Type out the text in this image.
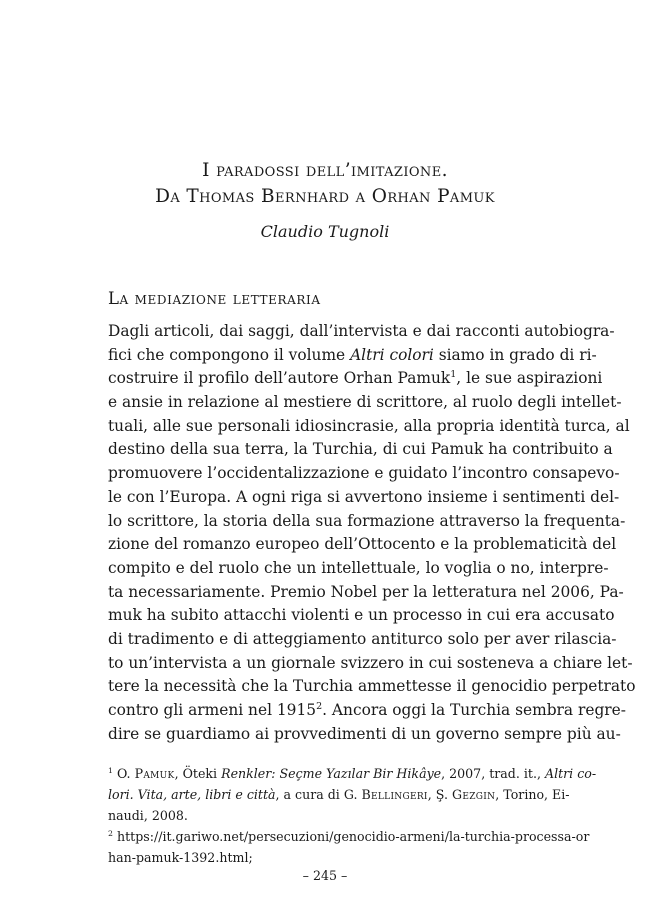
I paradossi dell’imitazione.
Da Thomas Bernhard a Orhan Pamuk
Claudio Tugnoli
La mediazione letteraria
Dagli articoli, dai saggi, dall’intervista e dai racconti autobiogra-
fici che compongono il volume Altri colori siamo in grado di ri-
costruire il profilo dell’autore Orhan Pamuk$^1$, le sue aspirazioni
e ansie in relazione al mestiere di scrittore, al ruolo degli intellet-
tuali, alle sue personali idiosincrasie, alla propria identità turca, al
destino della sua terra, la Turchia, di cui Pamuk ha contribuito a
promuovere l’occidentalizzazione e guidato l’incontro consapevo-
le con l’Europa. A ogni riga si avvertono insieme i sentimenti del-
lo scrittore, la storia della sua formazione attraverso la frequenta-
zione del romanzo europeo dell’Ottocento e la problematicità del
compito e del ruolo che un intellettuale, lo voglia o no, interpre-
ta necessariamente. Premio Nobel per la letteratura nel 2006, Pa-
muk ha subito attacchi violenti e un processo in cui era accusato
di tradimento e di atteggiamento antiturco solo per aver rilascia-
to un’intervista a un giornale svizzero in cui sosteneva a chiare let-
tere la necessità che la Turchia ammettesse il genocidio perpetrato
contro gli armeni nel 1915$^2$. Ancora oggi la Turchia sembra regre-
dire se guardiamo ai provvedimenti di un governo sempre più au-
$^1$ O. Pamuk, Öteki Renkler: Seçme Yazılar Bir Hikâye, 2007, trad. it., Altri co-
lori. Vita, arte, libri e città, a cura di G. Bellingeri, Ş. Gezgin, Torino, Ei-
naudi, 2008.
$^2$ https://it.gariwo.net/persecuzioni/genocidio-armeni/la-turchia-processa-or
han-pamuk-1392.html;
– 245 –
